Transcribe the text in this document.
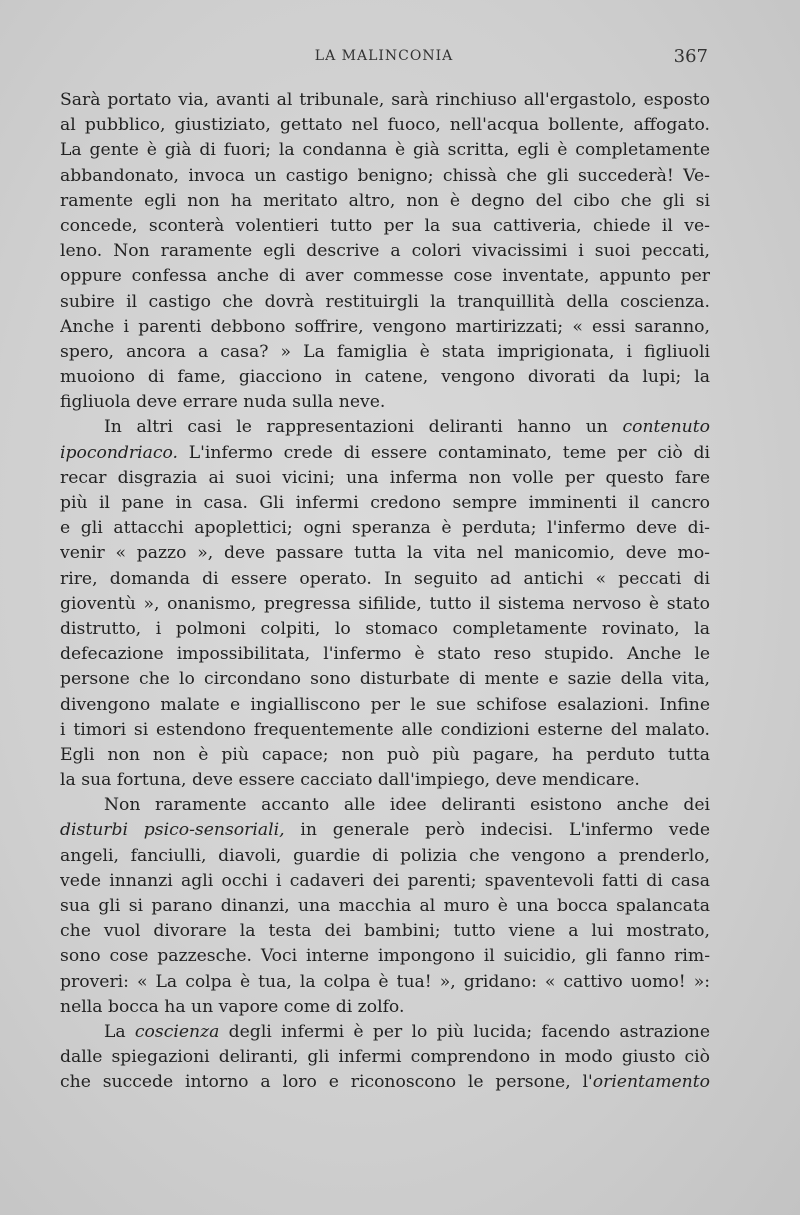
LA MALINCONIA	367
Sarà portato via, avanti al tribunale, sarà rinchiuso all'ergastolo, esposto
al pubblico, giustiziato, gettato nel fuoco, nell'acqua bollente, affogato.
La gente è già di fuori; la condanna è già scritta, egli è completamente
abbandonato, invoca un castigo benigno; chissà che gli succederà! Ve-
ramente egli non ha meritato altro, non è degno del cibo che gli si
concede, sconterà volentieri tutto per la sua cattiveria, chiede il ve-
leno. Non raramente egli descrive a colori vivacissimi i suoi peccati,
oppure confessa anche di aver commesse cose inventate, appunto per
subire il castigo che dovrà restituirgli la tranquillità della coscienza.
Anche i parenti debbono soffrire, vengono martirizzati; « essi saranno,
spero, ancora a casa? » La famiglia è stata imprigionata, i figliuoli
muoiono di fame, giacciono in catene, vengono divorati da lupi; la
figliuola deve errare nuda sulla neve.
In altri casi le rappresentazioni deliranti hanno un contenuto
ipocondriaco. L'infermo crede di essere contaminato, teme per ciò di
recar disgrazia ai suoi vicini; una inferma non volle per questo fare
più il pane in casa. Gli infermi credono sempre imminenti il cancro
e gli attacchi apoplettici; ogni speranza è perduta; l'infermo deve di-
venir « pazzo », deve passare tutta la vita nel manicomio, deve mo-
rire, domanda di essere operato. In seguito ad antichi « peccati di
gioventù », onanismo, pregressa sifilide, tutto il sistema nervoso è stato
distrutto, i polmoni colpiti, lo stomaco completamente rovinato, la
defecazione impossibilitata, l'infermo è stato reso stupido. Anche le
persone che lo circondano sono disturbate di mente e sazie della vita,
divengono malate e ingialliscono per le sue schifose esalazioni. Infine
i timori si estendono frequentemente alle condizioni esterne del malato.
Egli non non è più capace; non può più pagare, ha perduto tutta
la sua fortuna, deve essere cacciato dall'impiego, deve mendicare.
Non raramente accanto alle idee deliranti esistono anche dei
disturbi psico-sensoriali, in generale però indecisi. L'infermo vede
angeli, fanciulli, diavoli, guardie di polizia che vengono a prenderlo,
vede innanzi agli occhi i cadaveri dei parenti; spaventevoli fatti di casa
sua gli si parano dinanzi, una macchia al muro è una bocca spalancata
che vuol divorare la testa dei bambini; tutto viene a lui mostrato,
sono cose pazzesche. Voci interne impongono il suicidio, gli fanno rim-
proveri: « La colpa è tua, la colpa è tua! », gridano: « cattivo uomo! »:
nella bocca ha un vapore come di zolfo.
La coscienza degli infermi è per lo più lucida; facendo astrazione
dalle spiegazioni deliranti, gli infermi comprendono in modo giusto ciò
che succede intorno a loro e riconoscono le persone, l'orientamento
